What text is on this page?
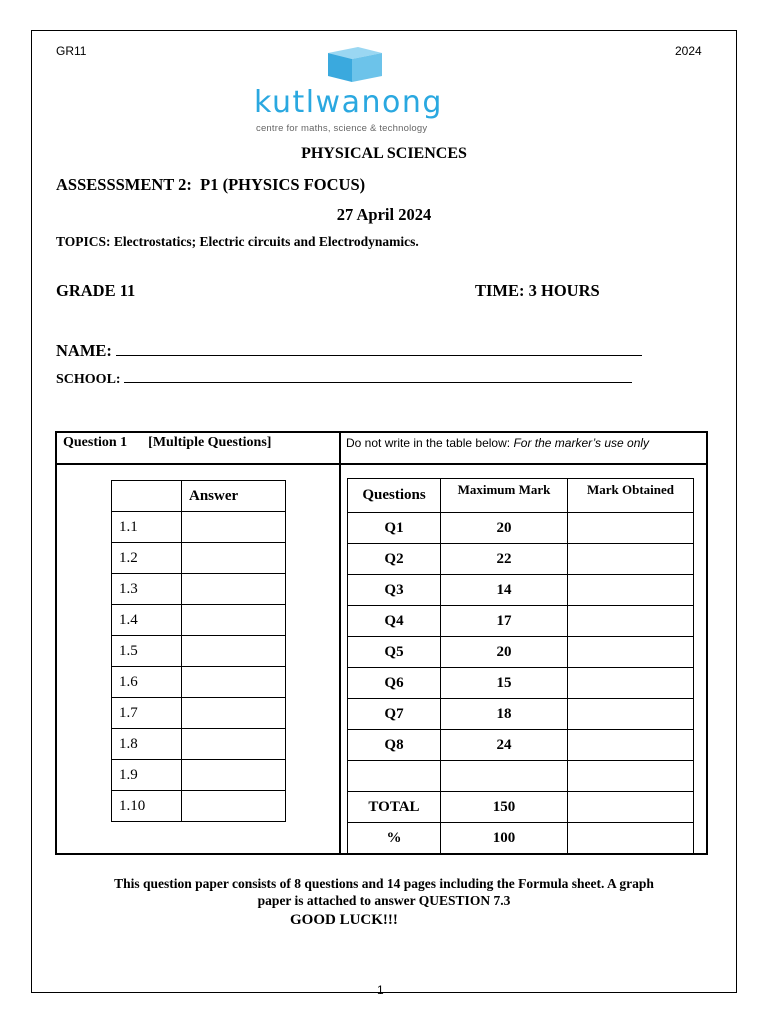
GR11	2024
kutlwanong
centre for maths, science & technology
PHYSICAL SCIENCES
ASSESSSMENT 2:  P1 (PHYSICS FOCUS)
27 April 2024
TOPICS: Electrostatics; Electric circuits and Electrodynamics.
GRADE 11	TIME: 3 HOURS
NAME:
SCHOOL:
Question 1      [Multiple Questions]	Do not write in the table below: For the marker’s use only
	Answer
1.1	
1.2	
1.3	
1.4	
1.5	
1.6	
1.7	
1.8	
1.9	
1.10	
Questions	Maximum Mark	Mark Obtained
Q1	20	
Q2	22	
Q3	14	
Q4	17	
Q5	20	
Q6	15	
Q7	18	
Q8	24	

TOTAL	150	
%	100	
This question paper consists of 8 questions and 14 pages including the Formula sheet. A graph
paper is attached to answer QUESTION 7.3
GOOD LUCK!!!
1
